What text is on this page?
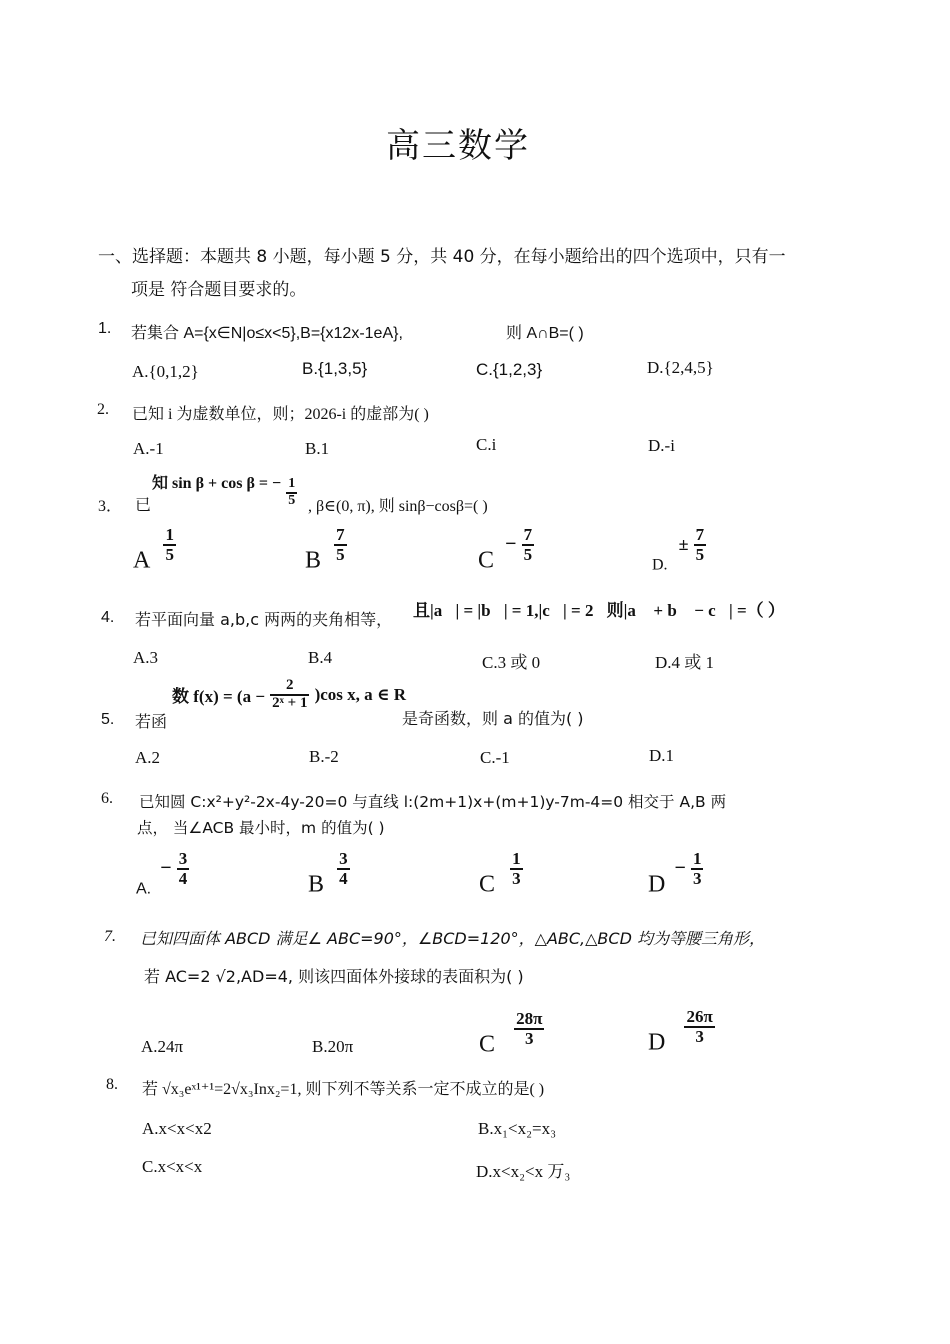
高三数学
一、选择题：本题共 8 小题，每小题 5 分，共 40 分，在每小题给出的四个选项中，只有一
项是 符合题目要求的。
1. 若集合 A={x∈N|o≤x<5},B={x12x-1eA},	则 A∩B=( )
A.{0,1,2}	B.{1,3,5}	C.{1,2,3}	D.{2,4,5}
2. 已知 i 为虚数单位，则；2026-i 的虚部为( )
A.-1	B.1	C.i	D.-i
3． 已
知 sin β + cos β = − $\frac{1}{5}$ , β∈(0, π), 则 sinβ−cosβ=( )
A $\frac{1}{5}$	B $\frac{7}{5}$	$C - \frac{7}{5}$
D. ± $\frac{7}{5}$
4. 若平面向量 a,b,c 两两的夹角相等， 且|a⃗| = |b⃗| = 1,|c⃗| = 2，则|a⃗ + b⃗ − c⃗| =（ ）
A.3	B.4	C.3 或 0	D.4 或 1
5. 若函
数 $f(x) = (a - \frac{2}{\text{2ˣ + 1}} )\cos$ x, a ∈ R
是奇函数，则 a 的值为( )
A.2	B.-2	C.-1	D.1
6. 已知圆 C:x²+y²-2x-4y-20=0 与直线 l:(2m+1)x+(m+1)y-7m-4=0 相交于 A,B 两
点， 当∠ACB 最小时，m 的值为( )
A. − $\frac{3}{4}$	B $\frac{3}{4}$	C $\frac{1}{3}$	$D - \frac{1}{3}$
7. 已知四面体 ABCD 满足∠ ABC=90°，∠BCD=120°，△ABC,△BCD 均为等腰三角形，
若 AC=2 √2,AD=4, 则该四面体外接球的表面积为( )
A.24π	B.20π	C $\frac{28\pi}{3}$	D $\frac{26\pi}{3}$
8. 若 √x₃eˣ¹⁺¹=2√x₃Inx₂=1, 则下列不等关系一定不成立的是( )
A.x<x<x2	B.x₁<x₂=x₃
C.x<x<x	D.x<x₂<x 万₃
